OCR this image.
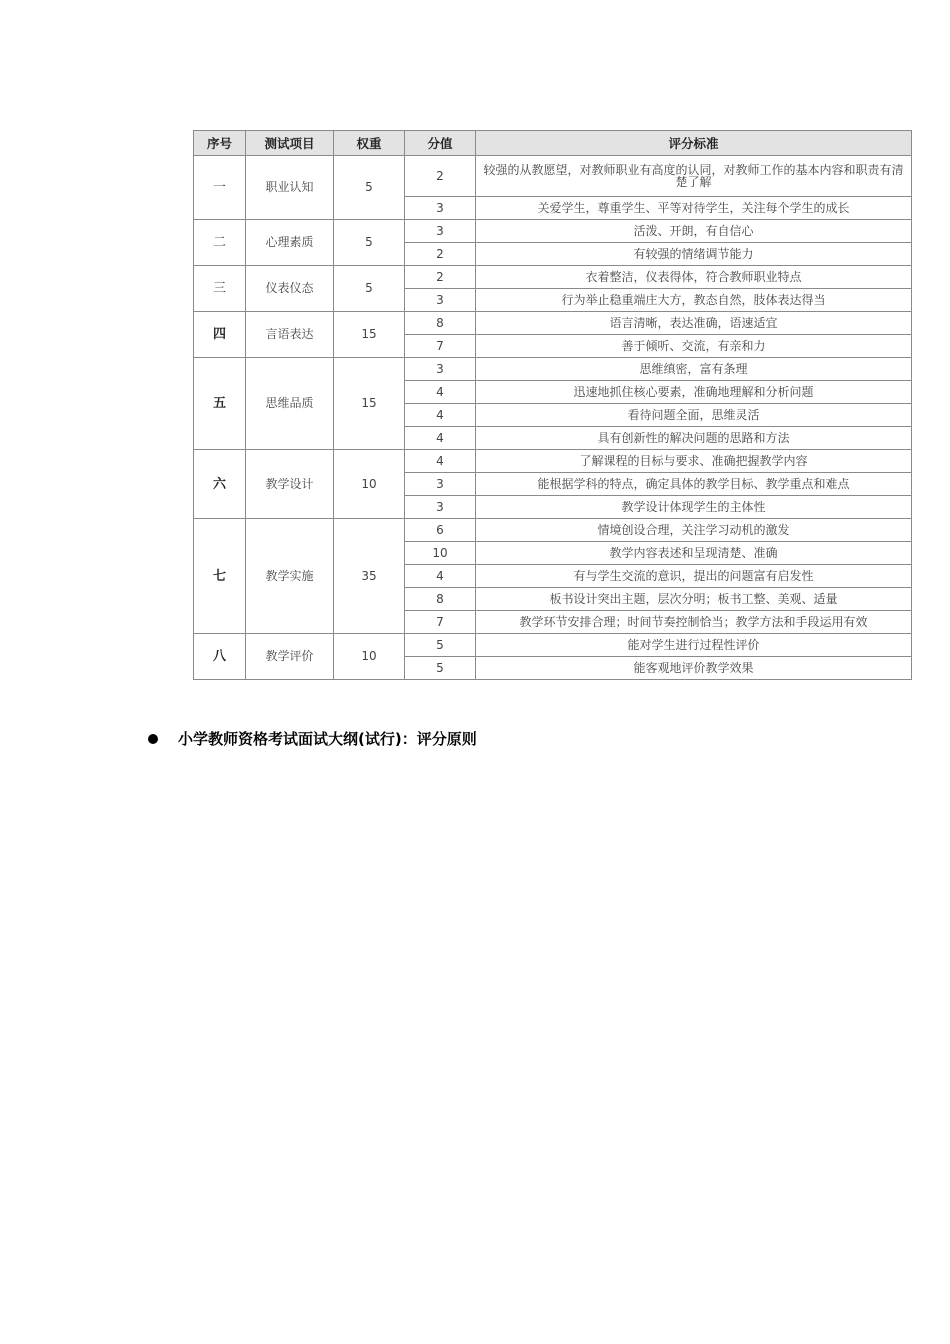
序号	测试项目	权重	分值	评分标准
一	职业认知	5	2	较强的从教愿望，对教师职业有高度的认同，对教师工作的基本内容和职责有清楚了解
			3	关爱学生，尊重学生、平等对待学生，关注每个学生的成长
二	心理素质	5	3	活泼、开朗，有自信心
			2	有较强的情绪调节能力
三	仪表仪态	5	2	衣着整洁，仪表得体，符合教师职业特点
			3	行为举止稳重端庄大方，教态自然，肢体表达得当
四	言语表达	15	8	语言清晰，表达准确，语速适宜
			7	善于倾听、交流，有亲和力
五	思维品质	15	3	思维缜密，富有条理
			4	迅速地抓住核心要素，准确地理解和分析问题
			4	看待问题全面，思维灵活
			4	具有创新性的解决问题的思路和方法
六	教学设计	10	4	了解课程的目标与要求、准确把握教学内容
			3	能根据学科的特点，确定具体的教学目标、教学重点和难点
			3	教学设计体现学生的主体性
七	教学实施	35	6	情境创设合理，关注学习动机的激发
			10	教学内容表述和呈现清楚、准确
			4	有与学生交流的意识，提出的问题富有启发性
			8	板书设计突出主题，层次分明；板书工整、美观、适量
			7	教学环节安排合理；时间节奏控制恰当；教学方法和手段运用有效
八	教学评价	10	5	能对学生进行过程性评价
			5	能客观地评价教学效果
小学教师资格考试面试大纲(试行)：评分原则
